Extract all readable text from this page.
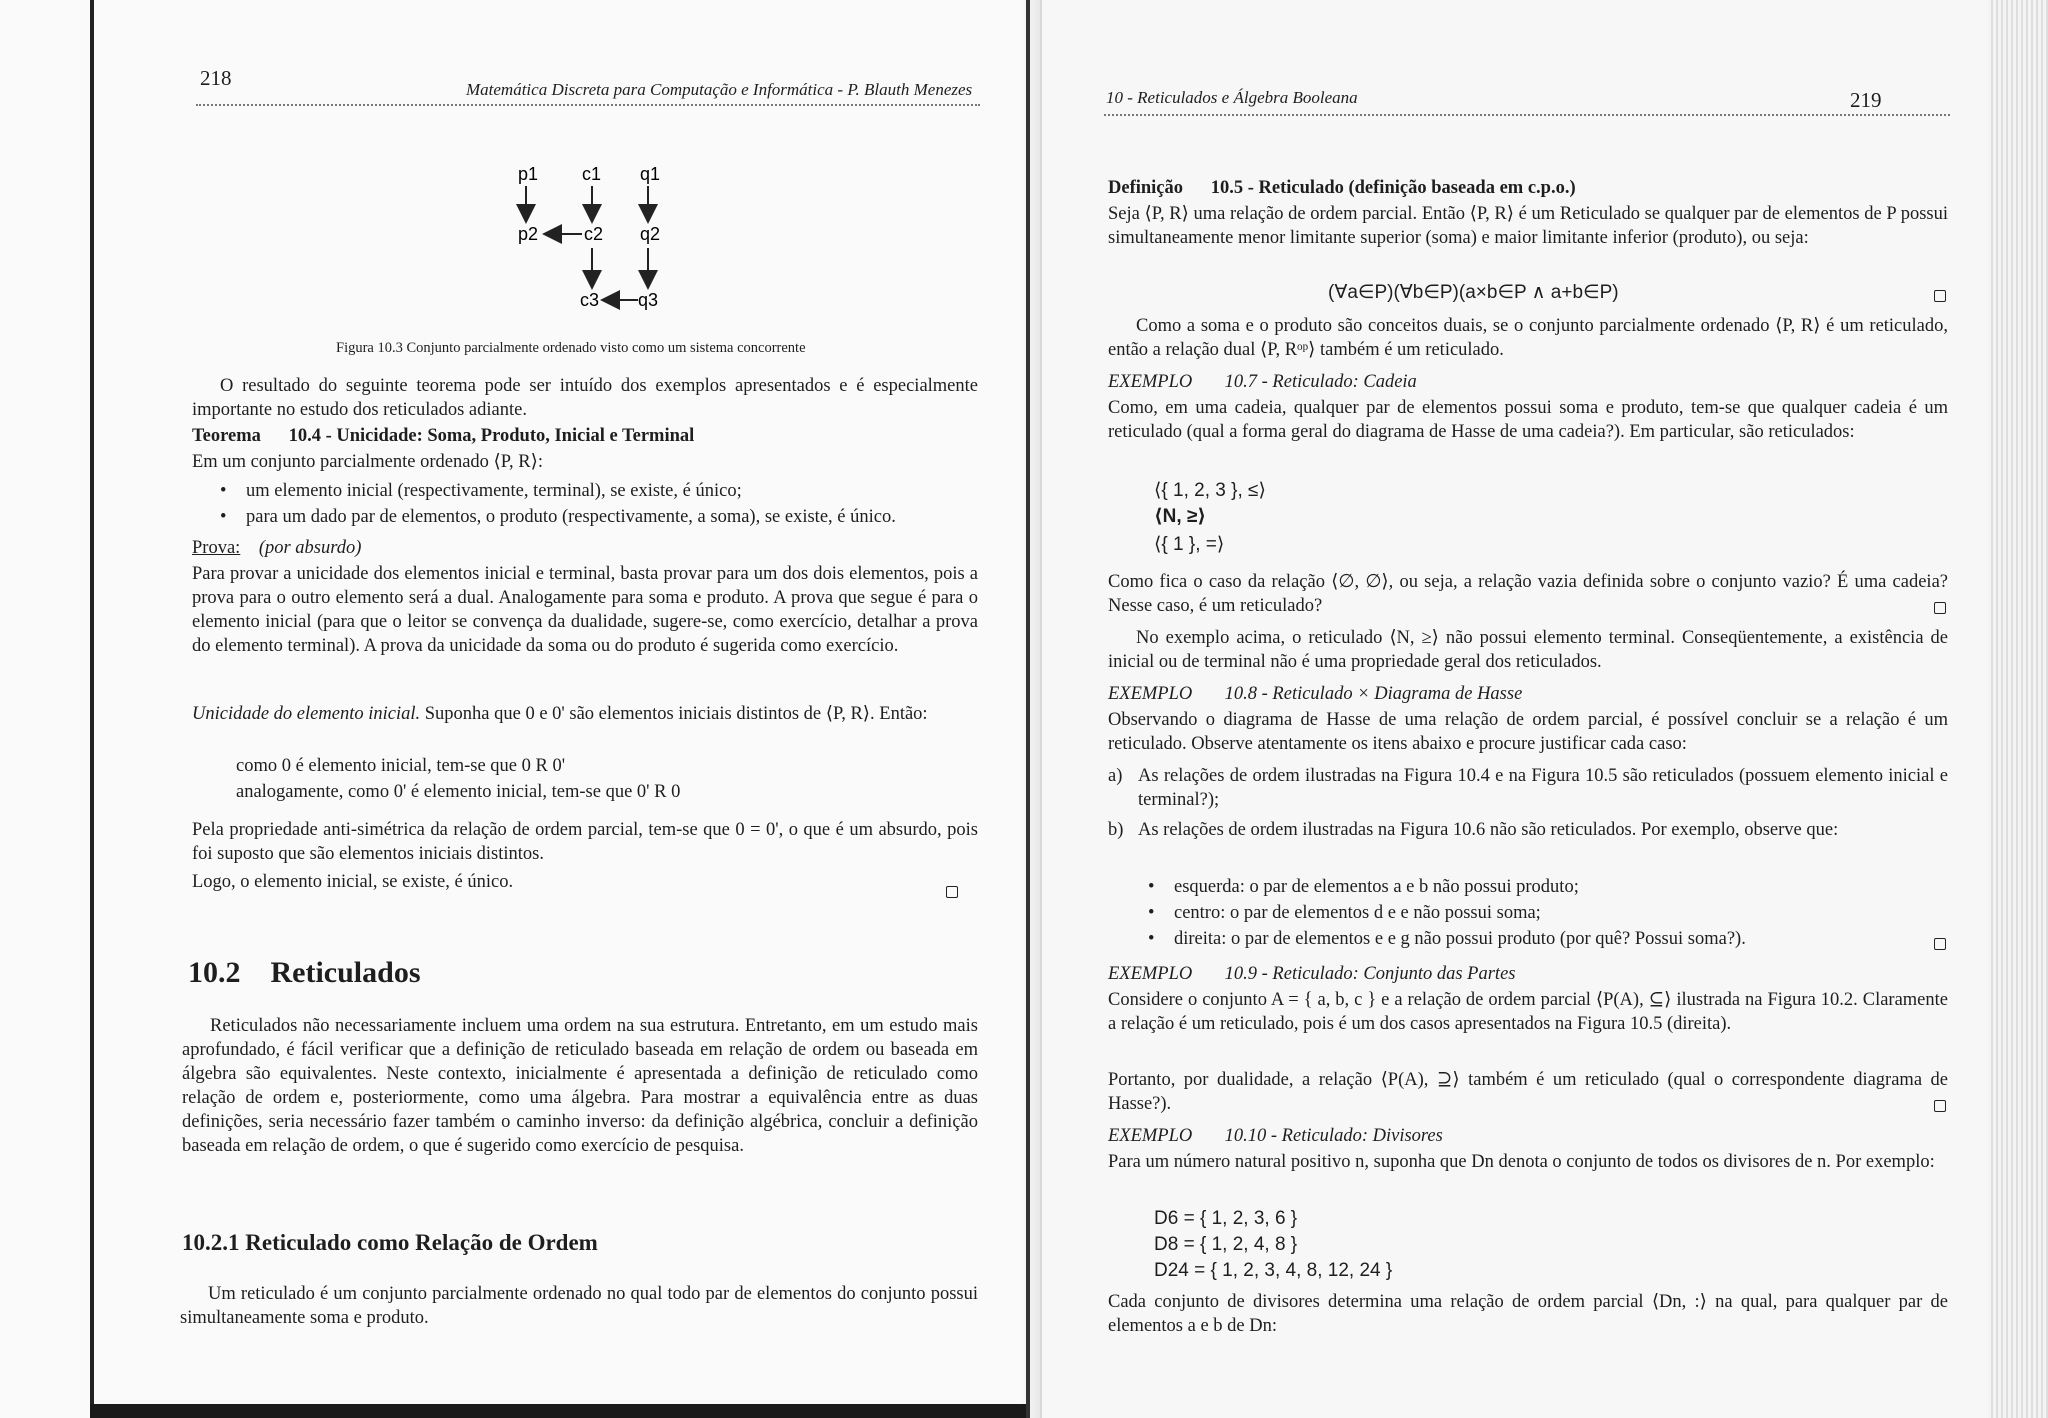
218	Matemática Discreta para Computação e Informática - P. Blauth Menezes
p1 c1 q1
p2	c2 q2
c3 q3
Figura 10.3 Conjunto parcialmente ordenado visto como um sistema concorrente

O resultado do seguinte teorema pode ser intuído dos exemplos apresentados e é especialmente importante no estudo dos reticulados adiante.

Teorema 10.4 - Unicidade: Soma, Produto, Inicial e Terminal

Em um conjunto parcialmente ordenado ⟨P, R⟩:

• um elemento inicial (respectivamente, terminal), se existe, é único;
• para um dado par de elementos, o produto (respectivamente, a soma), se existe, é único.
Prova: (por absurdo)

Para provar a unicidade dos elementos inicial e terminal, basta provar para um dos dois elementos, pois a prova para o outro elemento será a dual. Analogamente para soma e produto. A prova que segue é para o elemento inicial (para que o leitor se convença da dualidade, sugere-se, como exercício, detalhar a prova do elemento terminal). A prova da unicidade da soma ou do produto é sugerida como exercício.

Unicidade do elemento inicial. Suponha que 0 e 0' são elementos iniciais distintos de ⟨P, R⟩. Então:

como 0 é elemento inicial, tem-se que 0 R 0'

analogamente, como 0' é elemento inicial, tem-se que 0' R 0

Pela propriedade anti-simétrica da relação de ordem parcial, tem-se que 0 = 0', o que é um absurdo, pois foi suposto que são elementos iniciais distintos.

Logo, o elemento inicial, se existe, é único.

10.2 Reticulados

Reticulados não necessariamente incluem uma ordem na sua estrutura. Entretanto, em um estudo mais aprofundado, é fácil verificar que a definição de reticulado baseada em relação de ordem ou baseada em álgebra são equivalentes. Neste contexto, inicialmente é apresentada a definição de reticulado como relação de ordem e, posteriormente, como uma álgebra. Para mostrar a equivalência entre as duas definições, seria necessário fazer também o caminho inverso: da definição algébrica, concluir a definição baseada em relação de ordem, o que é sugerido como exercício de pesquisa.

10.2.1 Reticulado como Relação de Ordem

Um reticulado é um conjunto parcialmente ordenado no qual todo par de elementos do conjunto possui simultaneamente soma e produto.

10 - Reticulados e Álgebra Booleana	219
Definição 10.5 - Reticulado (definição baseada em c.p.o.)

Seja ⟨P, R⟩ uma relação de ordem parcial. Então ⟨P, R⟩ é um Reticulado se qualquer par de elementos de P possui simultaneamente menor limitante superior (soma) e maior limitante inferior (produto), ou seja:

(∀a∈P)(∀b∈P)(a×b∈P ∧ a+b∈P)

Como a soma e o produto são conceitos duais, se o conjunto parcialmente ordenado ⟨P, R⟩ é um reticulado, então a relação dual ⟨P, Rᵒᵖ⟩ também é um reticulado.

EXEMPLO 10.7 - Reticulado: Cadeia

Como, em uma cadeia, qualquer par de elementos possui soma e produto, tem-se que qualquer cadeia é um reticulado (qual a forma geral do diagrama de Hasse de uma cadeia?). Em particular, são reticulados:

⟨{ 1, 2, 3 }, ≤⟩
⟨N, ≥⟩
⟨{ 1 }, =⟩

Como fica o caso da relação ⟨∅, ∅⟩, ou seja, a relação vazia definida sobre o conjunto vazio? É uma cadeia? Nesse caso, é um reticulado?

No exemplo acima, o reticulado ⟨N, ≥⟩ não possui elemento terminal. Conseqüentemente, a existência de inicial ou de terminal não é uma propriedade geral dos reticulados.

EXEMPLO 10.8 - Reticulado × Diagrama de Hasse

Observando o diagrama de Hasse de uma relação de ordem parcial, é possível concluir se a relação é um reticulado. Observe atentamente os itens abaixo e procure justificar cada caso:

a) As relações de ordem ilustradas na Figura 10.4 e na Figura 10.5 são reticulados (possuem elemento inicial e terminal?);
b) As relações de ordem ilustradas na Figura 10.6 não são reticulados. Por exemplo, observe que:
• esquerda: o par de elementos a e b não possui produto;
• centro: o par de elementos d e e não possui soma;
• direita: o par de elementos e e g não possui produto (por quê? Possui soma?).
EXEMPLO 10.9 - Reticulado: Conjunto das Partes

Considere o conjunto A = { a, b, c } e a relação de ordem parcial ⟨P(A), ⊆⟩ ilustrada na Figura 10.2. Claramente a relação é um reticulado, pois é um dos casos apresentados na Figura 10.5 (direita).

Portanto, por dualidade, a relação ⟨P(A), ⊇⟩ também é um reticulado (qual o correspondente diagrama de Hasse?).

EXEMPLO 10.10 - Reticulado: Divisores

Para um número natural positivo n, suponha que Dn denota o conjunto de todos os divisores de n. Por exemplo:

D6 = { 1, 2, 3, 6 }
D8 = { 1, 2, 4, 8 }
D24 = { 1, 2, 3, 4, 8, 12, 24 }

Cada conjunto de divisores determina uma relação de ordem parcial ⟨Dn, :⟩ na qual, para qualquer par de elementos a e b de Dn:
